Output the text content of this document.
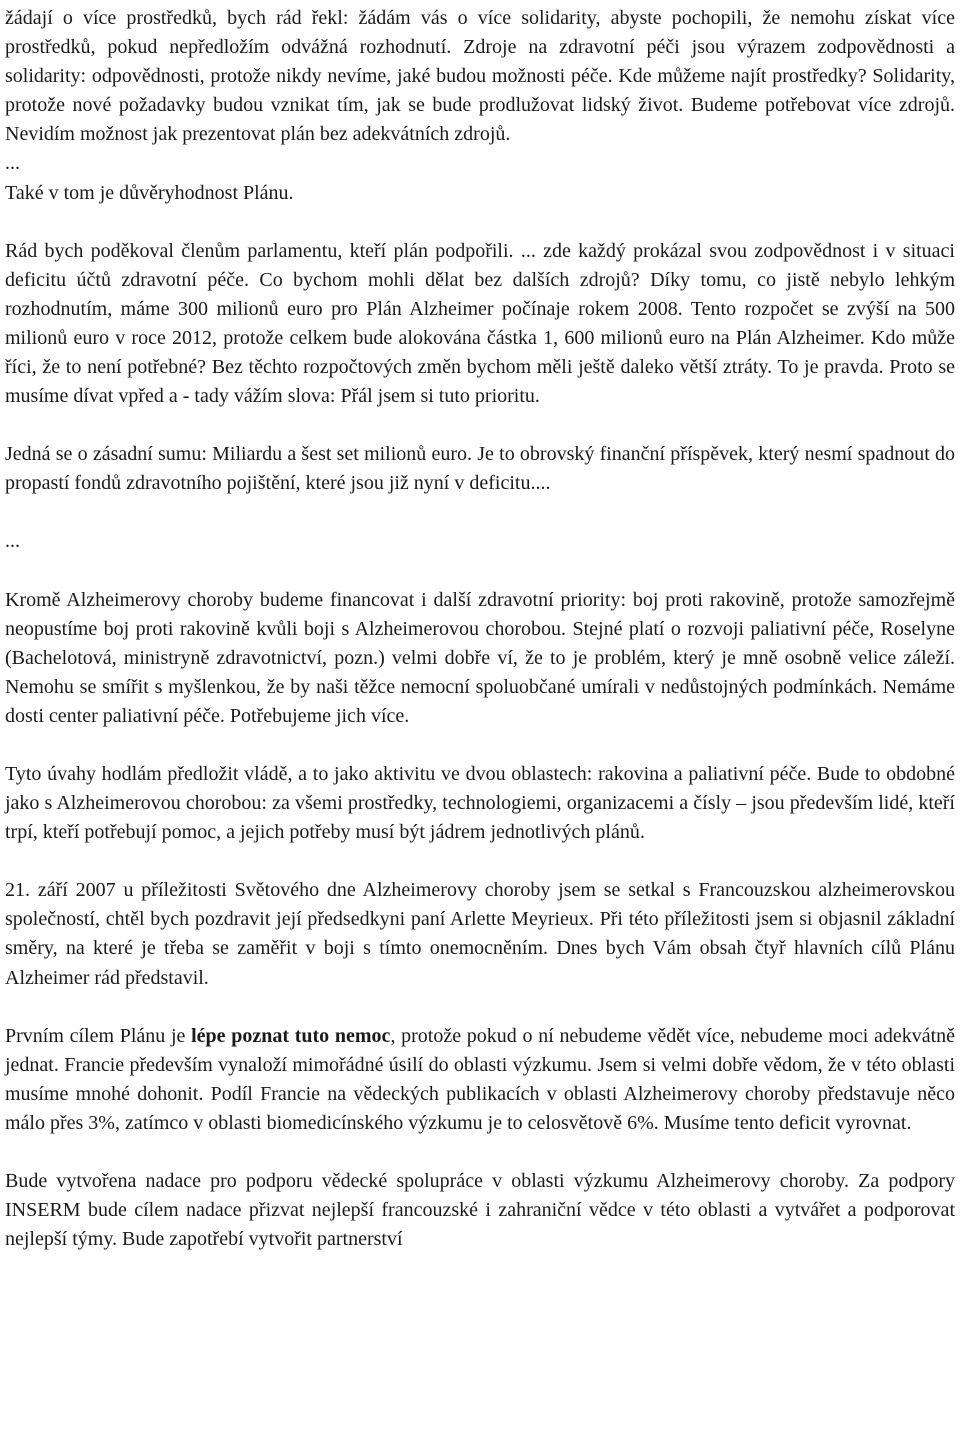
žádají o více prostředků, bych rád řekl: žádám vás o více solidarity, abyste pochopili, že nemohu získat více prostředků, pokud nepředložím odvážná rozhodnutí. Zdroje na zdravotní péči jsou výrazem zodpovědnosti a solidarity: odpovědnosti, protože nikdy nevíme, jaké budou možnosti péče. Kde můžeme najít prostředky? Solidarity, protože nové požadavky budou vznikat tím, jak se bude prodlužovat lidský život. Budeme potřebovat více zdrojů. Nevidím možnost jak prezentovat plán bez adekvátních zdrojů.

...

Také v tom je důvěryhodnost Plánu.

Rád bych poděkoval členům parlamentu, kteří plán podpořili. ... zde každý prokázal svou zodpovědnost i v situaci deficitu účtů zdravotní péče. Co bychom mohli dělat bez dalších zdrojů? Díky tomu, co jistě nebylo lehkým rozhodnutím, máme 300 milionů euro pro Plán Alzheimer počínaje rokem 2008. Tento rozpočet se zvýší na 500 milionů euro v roce 2012, protože celkem bude alokována částka 1, 600 milionů euro na Plán Alzheimer. Kdo může říci, že to není potřebné? Bez těchto rozpočtových změn bychom měli ještě daleko větší ztráty. To je pravda. Proto se musíme dívat vpřed a - tady vážím slova: Přál jsem si tuto prioritu.

Jedná se o zásadní sumu: Miliardu a šest set milionů euro. Je to obrovský finanční příspěvek, který nesmí spadnout do propastí fondů zdravotního pojištění, které jsou již nyní v deficitu....

...

Kromě Alzheimerovy choroby budeme financovat i další zdravotní priority: boj proti rakovině, protože samozřejmě neopustíme boj proti rakovině kvůli boji s Alzheimerovou chorobou. Stejné platí o rozvoji paliativní péče, Roselyne (Bachelotová, ministryně zdravotnictví, pozn.) velmi dobře ví, že to je problém, který je mně osobně velice záleží. Nemohu se smířit s myšlenkou, že by naši těžce nemocní spoluobčané umírali v nedůstojných podmínkách. Nemáme dosti center paliativní péče. Potřebujeme jich více.

Tyto úvahy hodlám předložit vládě, a to jako aktivitu ve dvou oblastech: rakovina a paliativní péče. Bude to obdobné jako s Alzheimerovou chorobou: za všemi prostředky, technologiemi, organizacemi a čísly – jsou především lidé, kteří trpí, kteří potřebují pomoc, a jejich potřeby musí být jádrem jednotlivých plánů.

21. září 2007 u příležitosti Světového dne Alzheimerovy choroby jsem se setkal s Francouzskou alzheimerovskou společností, chtěl bych pozdravit její předsedkyni paní Arlette Meyrieux. Při této příležitosti jsem si objasnil základní směry, na které je třeba se zaměřit v boji s tímto onemocněním. Dnes bych Vám obsah čtyř hlavních cílů Plánu Alzheimer rád představil.

Prvním cílem Plánu je lépe poznat tuto nemoc, protože pokud o ní nebudeme vědět více, nebudeme moci adekvátně jednat. Francie především vynaloží mimořádné úsilí do oblasti výzkumu. Jsem si velmi dobře vědom, že v této oblasti musíme mnohé dohonit. Podíl Francie na vědeckých publikacích v oblasti Alzheimerovy choroby představuje něco málo přes 3%, zatímco v oblasti biomedicínského výzkumu je to celosvětově 6%. Musíme tento deficit vyrovnat.

Bude vytvořena nadace pro podporu vědecké spolupráce v oblasti výzkumu Alzheimerovy choroby. Za podpory INSERM bude cílem nadace přizvat nejlepší francouzské i zahraniční vědce v této oblasti a vytvářet a podporovat nejlepší týmy. Bude zapotřebí vytvořit partnerství
